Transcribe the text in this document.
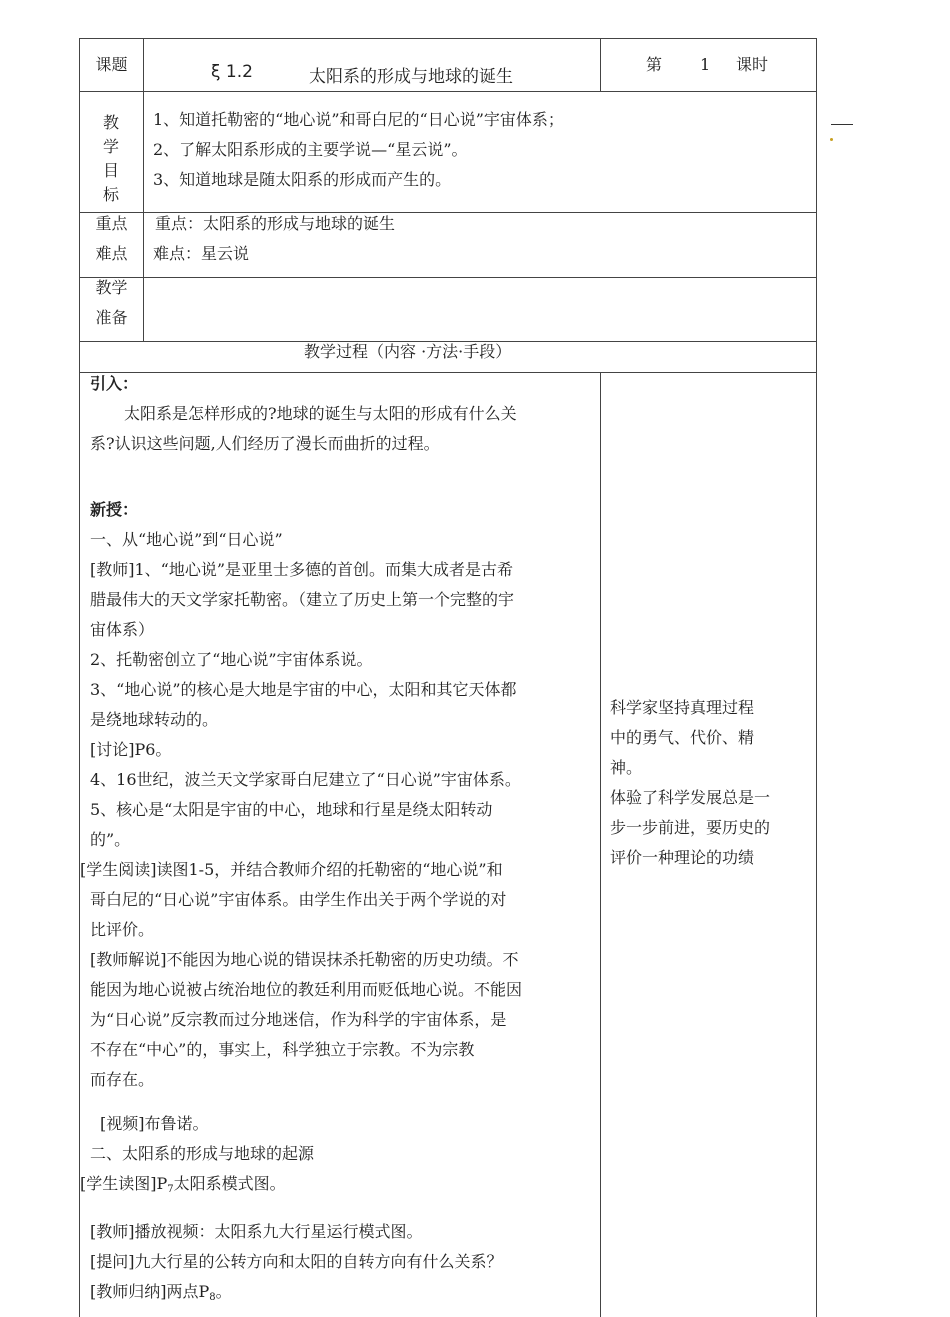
课题	ξ 1.2	太阳系的形成与地球的诞生
第 1 课时
教
学
目
标
1、知道托勒密的“地心说”和哥白尼的“日心说”宇宙体系；
2、了解太阳系形成的主要学说—“星云说”。
3、知道地球是随太阳系的形成而产生的。
重点
难点
重点：太阳系的形成与地球的诞生
难点：星云说
教学
准备
教学过程（内容 ·方法·手段）
引入：
太阳系是怎样形成的?地球的诞生与太阳的形成有什么关
系?认识这些问题,人们经历了漫长而曲折的过程。
新授：
一、从“地心说”到“日心说”
[教师]1、“地心说”是亚里士多德的首创。而集大成者是古希
腊最伟大的天文学家托勒密。（建立了历史上第一个完整的宇
宙体系）
2、托勒密创立了“地心说”宇宙体系说。
3、“地心说”的核心是大地是宇宙的中心，太阳和其它天体都
是绕地球转动的。
[讨论]P6。
4、16世纪，波兰天文学家哥白尼建立了“日心说”宇宙体系。
5、核心是“太阳是宇宙的中心，地球和行星是绕太阳转动
的”。
[学生阅读]读图1-5，并结合教师介绍的托勒密的“地心说”和
哥白尼的“日心说”宇宙体系。由学生作出关于两个学说的对
比评价。
[教师解说]不能因为地心说的错误抹杀托勒密的历史功绩。不
能因为地心说被占统治地位的教廷利用而贬低地心说。不能因
为“日心说”反宗教而过分地迷信，作为科学的宇宙体系，是
不存在“中心”的，事实上，科学独立于宗教。不为宗教
而存在。
[视频]布鲁诺。
二、太阳系的形成与地球的起源
[学生读图]$P_7$太阳系模式图。
[教师]播放视频：太阳系九大行星运行模式图。
[提问]九大行星的公转方向和太阳的自转方向有什么关系？
[教师归纳]两点$P_8$。
科学家坚持真理过程
中的勇气、代价、精
神。
体验了科学发展总是一
步一步前进，要历史的
评价一种理论的功绩
